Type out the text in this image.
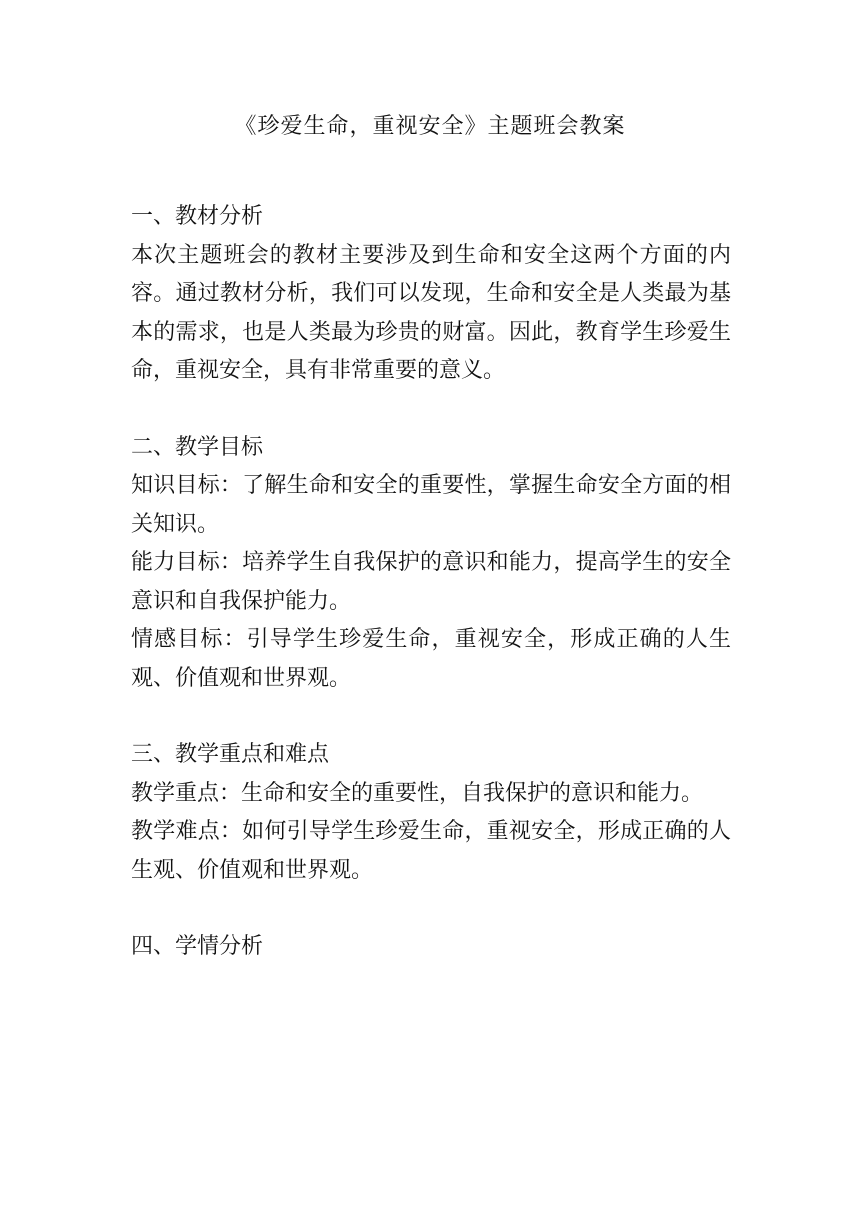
《珍爱生命，重视安全》主题班会教案

一、教材分析

本次主题班会的教材主要涉及到生命和安全这两个方面的内容。通过教材分析，我们可以发现，生命和安全是人类最为基本的需求，也是人类最为珍贵的财富。因此，教育学生珍爱生命，重视安全，具有非常重要的意义。

二、教学目标

知识目标：了解生命和安全的重要性，掌握生命安全方面的相关知识。

能力目标：培养学生自我保护的意识和能力，提高学生的安全意识和自我保护能力。

情感目标：引导学生珍爱生命，重视安全，形成正确的人生观、价值观和世界观。

三、教学重点和难点

教学重点：生命和安全的重要性，自我保护的意识和能力。

教学难点：如何引导学生珍爱生命，重视安全，形成正确的人生观、价值观和世界观。

四、学情分析
